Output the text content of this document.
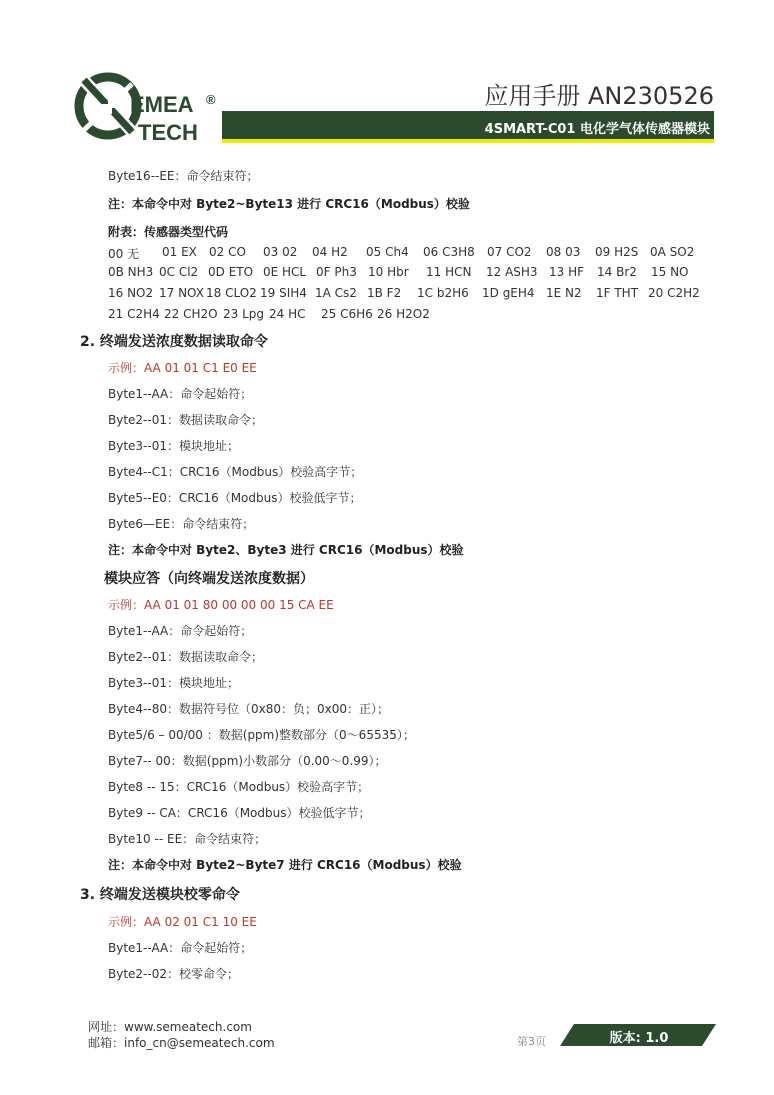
EMEA
TECH
®	应用手册 AN230526
4SMART-C01 电化学气体传感器模块
Byte16--EE：命令结束符；
注：本命令中对 Byte2~Byte13 进行 CRC16（Modbus）校验
附表：传感器类型代码
00 无 01 EX 02 CO 03 02 04 H2 05 Ch4 06 C3H8 07 CO2 08 03 09 H2S 0A SO2
0B NH3 0C Cl2 0D ETO 0E HCL 0F Ph3 10 Hbr 11 HCN 12 ASH3 13 HF 14 Br2 15 NO
16 NO2 17 NOX 18 CLO2 19 SIH4 1A Cs2 1B F2 1C b2H6 1D gEH4 1E N2 1F THT 20 C2H2
21 C2H4 22 CH2O 23 Lpg 24 HC 25 C6H6 26 H2O2
2. 终端发送浓度数据读取命令
示例：AA 01 01 C1 E0 EE
Byte1--AA：命令起始符；
Byte2--01：数据读取命令；
Byte3--01：模块地址；
Byte4--C1：CRC16（Modbus）校验高字节；
Byte5--E0：CRC16（Modbus）校验低字节；
Byte6—EE：命令结束符；
注：本命令中对 Byte2、Byte3 进行 CRC16（Modbus）校验
模块应答（向终端发送浓度数据）
示例：AA 01 01 80 00 00 00 15 CA EE
Byte1--AA：命令起始符；
Byte2--01：数据读取命令；
Byte3--01：模块地址；
Byte4--80：数据符号位（0x80：负；0x00：正）；
Byte5/6 – 00/00 ：数据(ppm)整数部分（0～65535）；
Byte7-- 00：数据(ppm)小数部分（0.00～0.99）；
Byte8 -- 15：CRC16（Modbus）校验高字节；
Byte9 -- CA：CRC16（Modbus）校验低字节；
Byte10 -- EE：命令结束符；
注：本命令中对 Byte2~Byte7 进行 CRC16（Modbus）校验
3. 终端发送模块校零命令
示例：AA 02 01 C1 10 EE
Byte1--AA：命令起始符；
Byte2--02：校零命令；
网址：www.semeatech.com
邮箱：info_cn@semeatech.com	第3页	版本: 1.0
